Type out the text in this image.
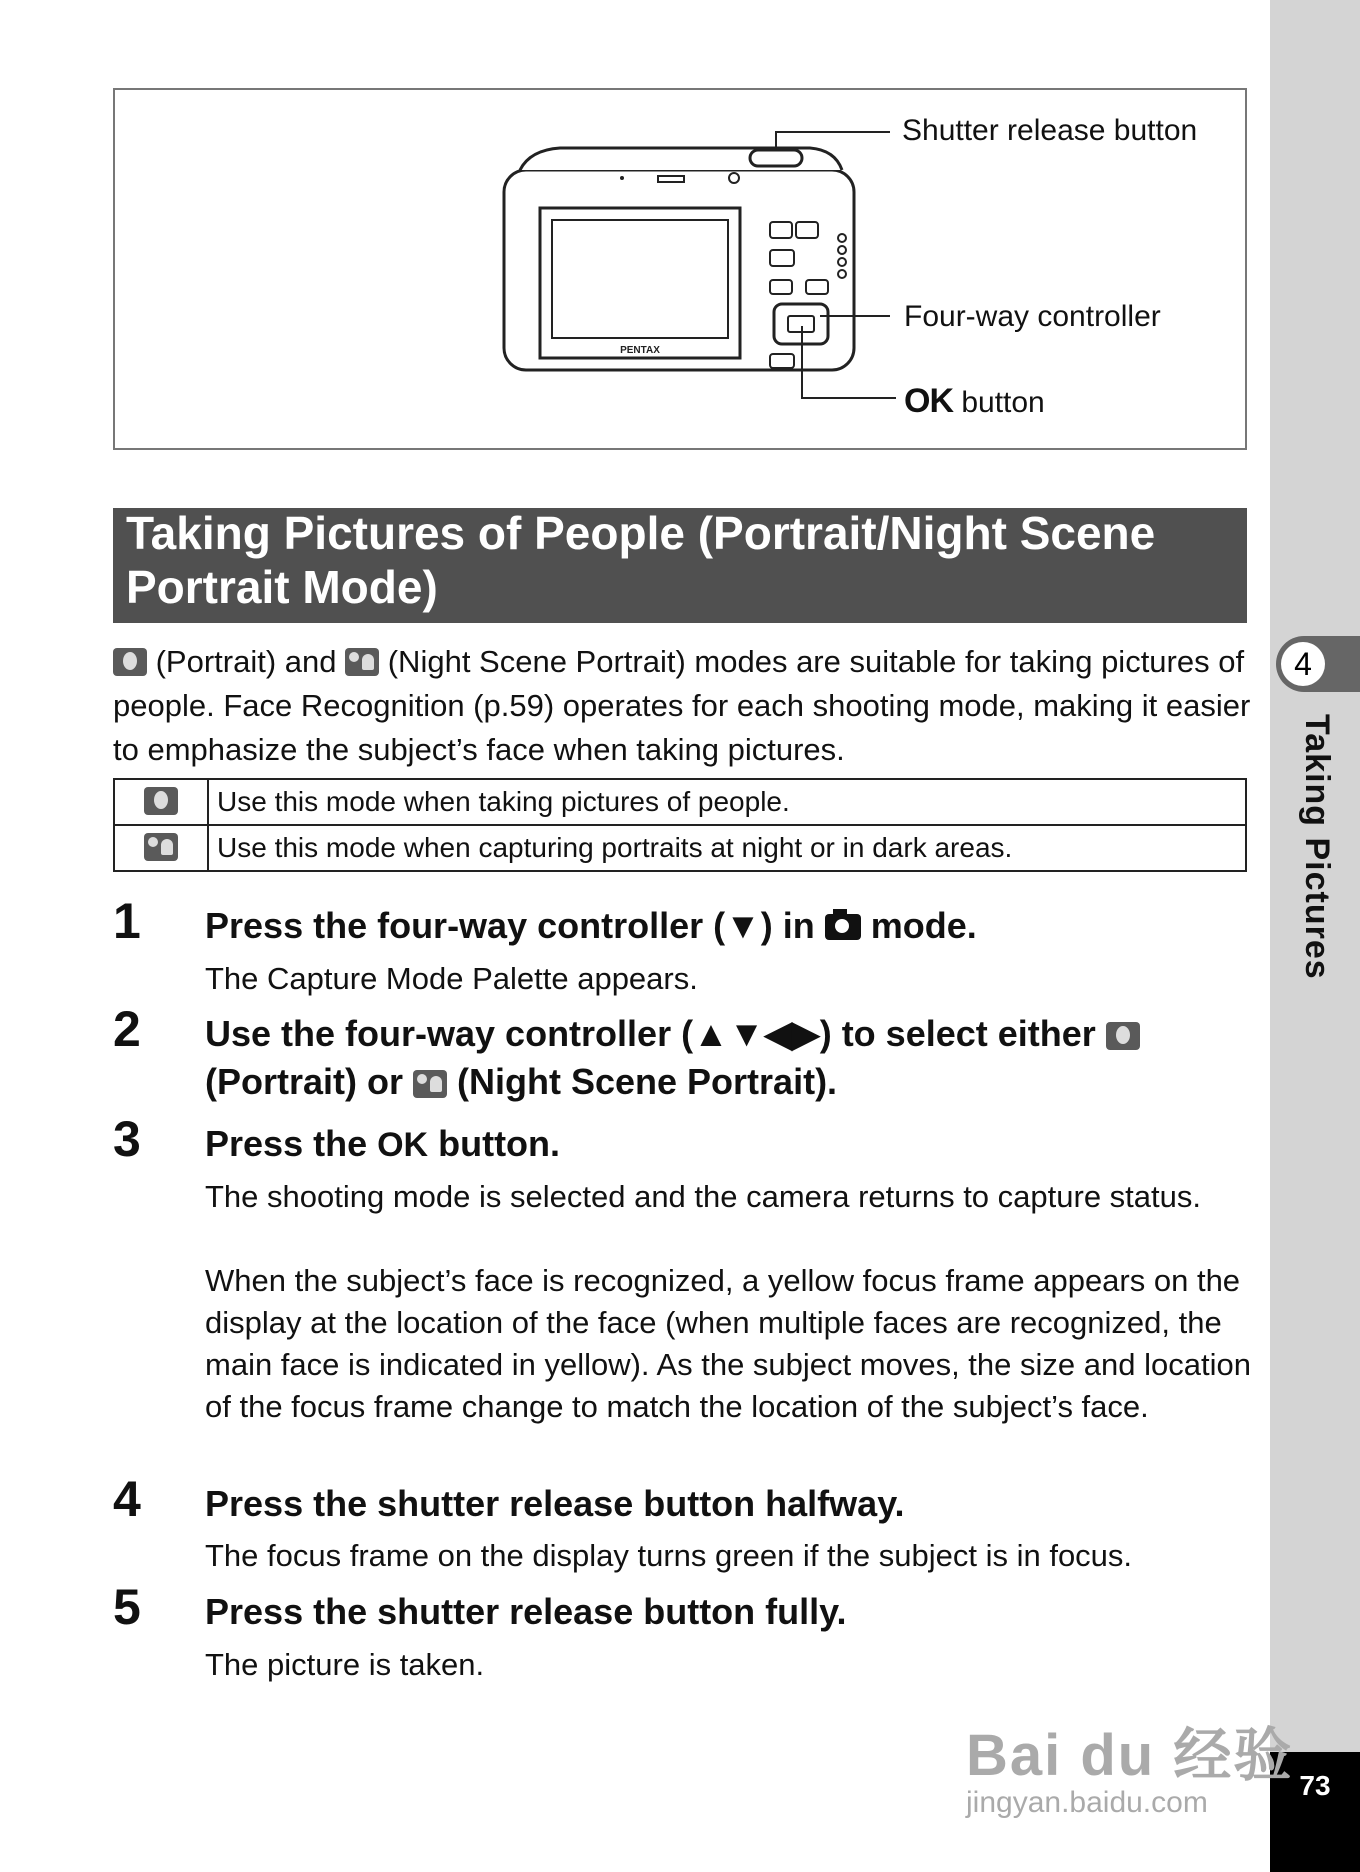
4
Taking Pictures
73
PENTAX
Shutter release button
Four-way controller
OK button
Taking Pictures of People (Portrait/Night Scene Portrait Mode)
(Portrait) and
(Night Scene Portrait) modes are suitable for taking pictures of people. Face Recognition (p.59) operates for each shooting mode, making it easier to emphasize the subject’s face when taking pictures.
	Use this mode when taking pictures of people.

	Use this mode when capturing portraits at night or in dark areas.
1	Press the four-way controller (▼) in  mode.
The Capture Mode Palette appears.
2	Use the four-way controller (▲▼◀▶) to select either

(Portrait) or
(Night Scene Portrait).
3	Press the OK button.
The shooting mode is selected and the camera returns to capture status.
When the subject’s face is recognized, a yellow focus frame appears on the display at the location of the face (when multiple faces are recognized, the main face is indicated in yellow). As the subject moves, the size and location of the focus frame change to match the location of the subject’s face.
4	Press the shutter release button halfway.
The focus frame on the display turns green if the subject is in focus.
5	Press the shutter release button fully.
The picture is taken.
Bai du 经验
jingyan.baidu.com
